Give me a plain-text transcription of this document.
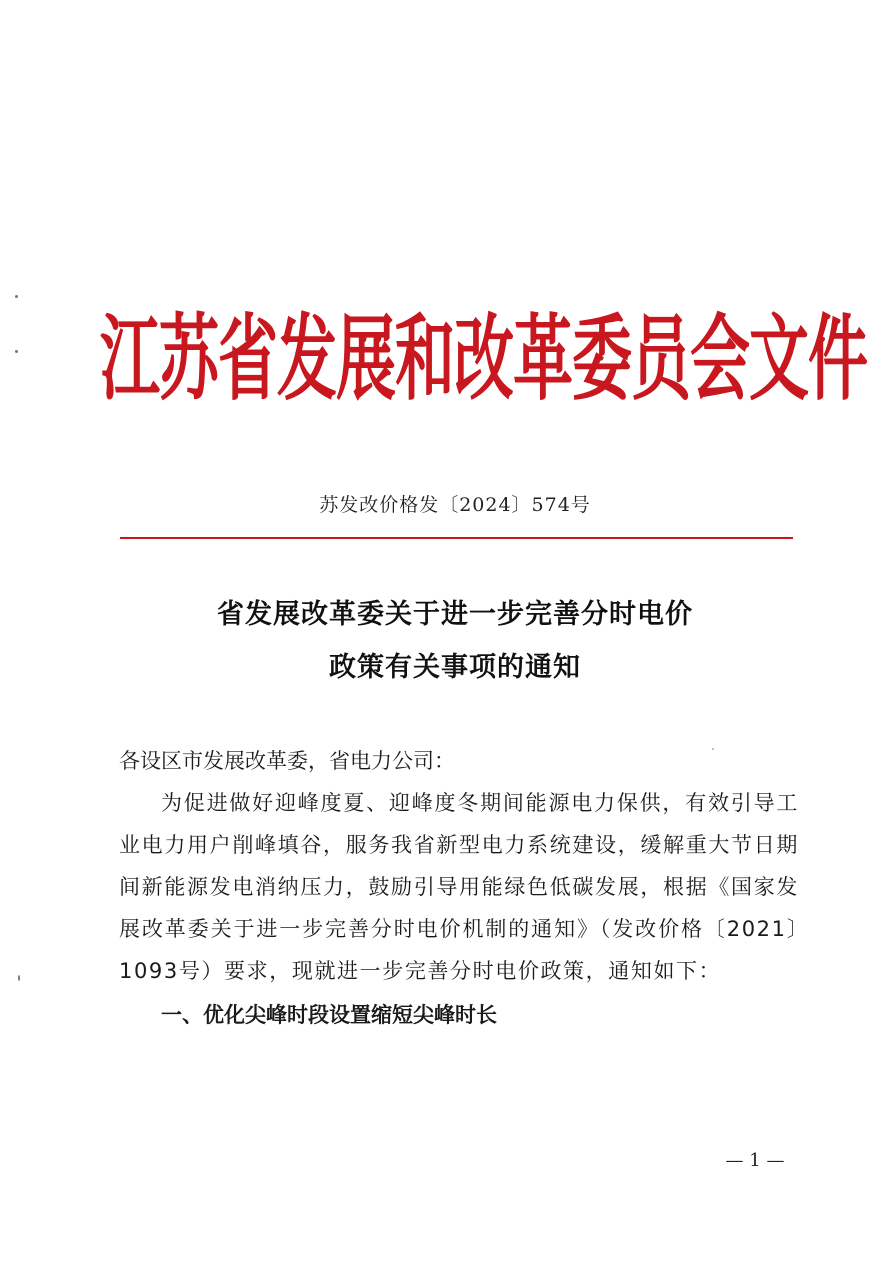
江苏省发展和改革委员会文件
苏发改价格发〔2024〕574号
省发展改革委关于进一步完善分时电价
政策有关事项的通知

各设区市发展改革委，省电力公司：

为促进做好迎峰度夏、迎峰度冬期间能源电力保供，有效引导工业电力用户削峰填谷，服务我省新型电力系统建设，缓解重大节日期间新能源发电消纳压力，鼓励引导用能绿色低碳发展，根据《国家发展改革委关于进一步完善分时电价机制的通知》（发改价格〔2021〕1093号）要求，现就进一步完善分时电价政策，通知如下：

一、优化尖峰时段设置缩短尖峰时长

— 1 —
